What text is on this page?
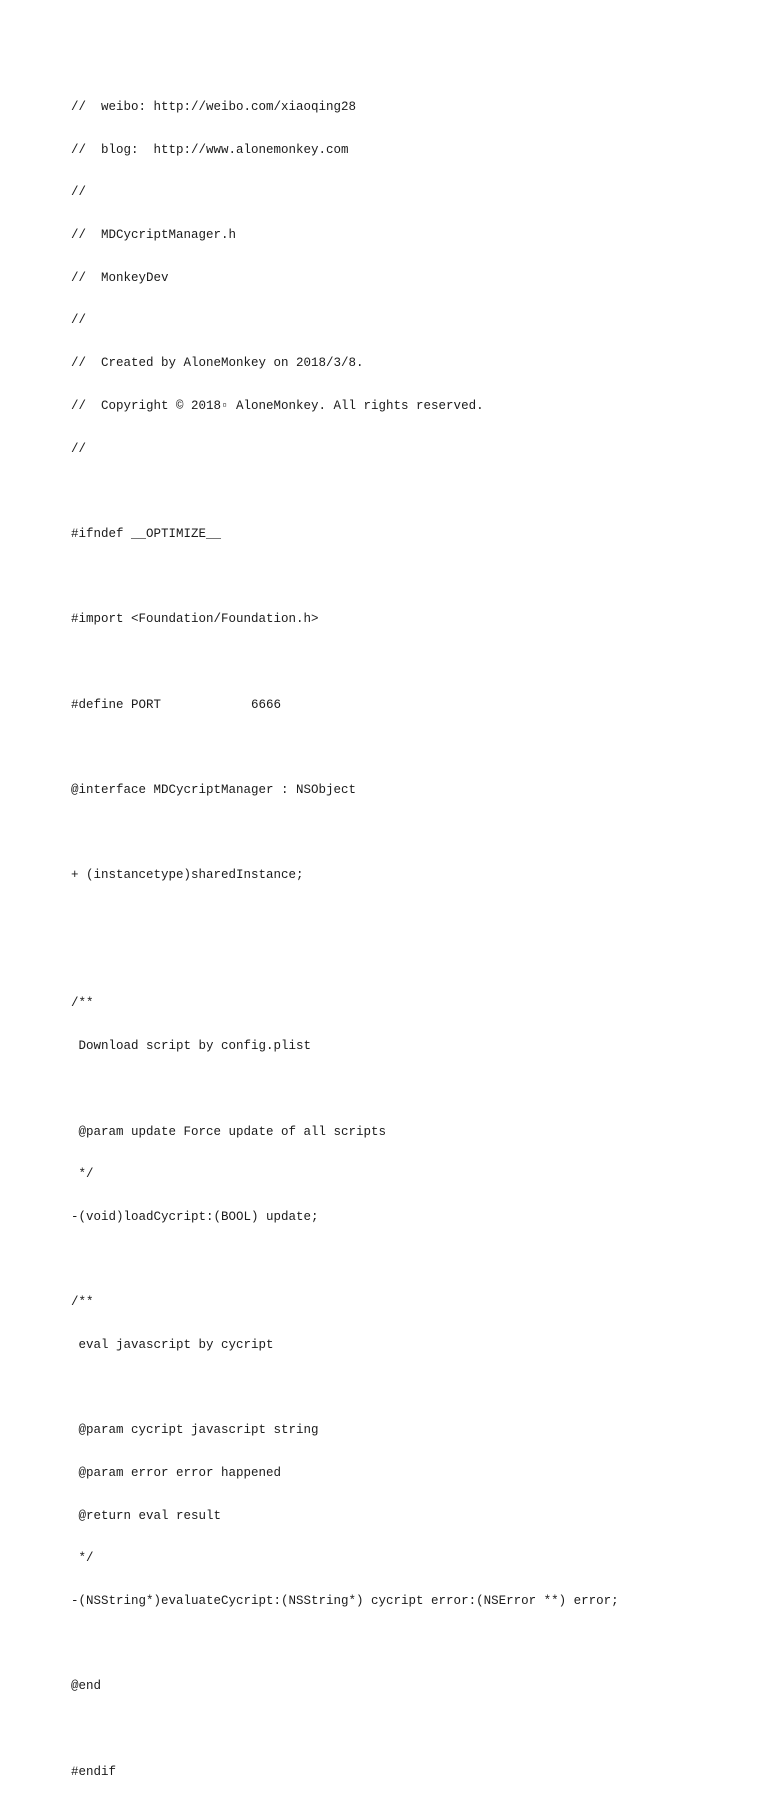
//  weibo: http://weibo.com/xiaoqing28

//  blog:  http://www.alonemonkey.com

//

//  MDCycriptManager.h

//  MonkeyDev

//

//  Created by AloneMonkey on 2018/3/8.

//  Copyright © 2018▫ AloneMonkey. All rights reserved.

//

#ifndef __OPTIMIZE__

#import <Foundation/Foundation.h>

#define PORT            6666

@interface MDCycriptManager : NSObject

+ (instancetype)sharedInstance;

/**

Download script by config.plist

@param update Force update of all scripts

*/

-(void)loadCycript:(BOOL) update;

/**

eval javascript by cycript

@param cycript javascript string

@param error error happened

@return eval result

*/

-(NSString*)evaluateCycript:(NSString*) cycript error:(NSError **) error;

@end

#endif
